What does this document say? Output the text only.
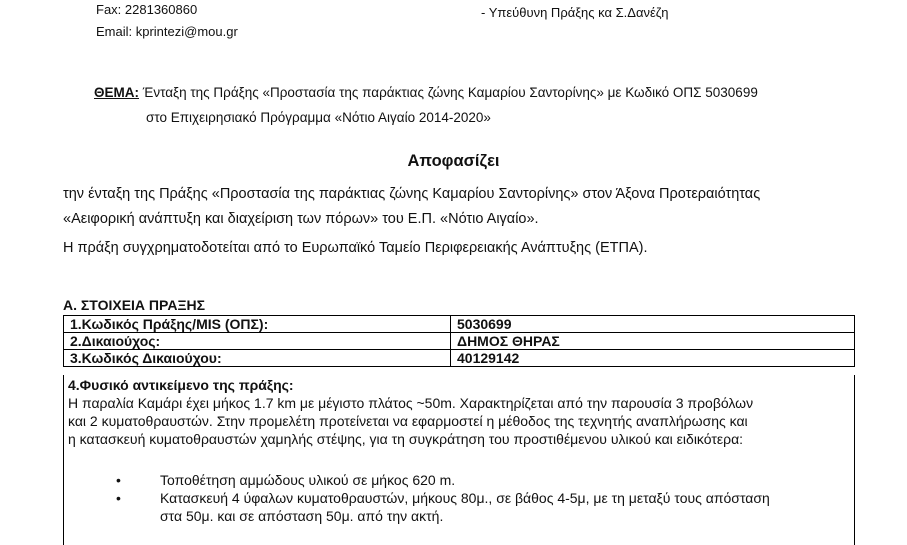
Fax: 2281360860
Email: kprintezi@mou.gr
- Υπεύθυνη Πράξης κα Σ.Δανέζη
ΘΕΜΑ: Ένταξη της Πράξης «Προστασία της παράκτιας ζώνης Καμαρίου Σαντορίνης» με Κωδικό ΟΠΣ 5030699
στο Επιχειρησιακό Πρόγραμμα «Νότιο Αιγαίο 2014-2020»
Αποφασίζει
την ένταξη της Πράξης «Προστασία της παράκτιας ζώνης Καμαρίου Σαντορίνης» στον Άξονα Προτεραιότητας
«Αειφορική ανάπτυξη και διαχείριση των πόρων» του Ε.Π. «Νότιο Αιγαίο».
Η πράξη συγχρηματοδοτείται από το Ευρωπαϊκό Ταμείο Περιφερειακής Ανάπτυξης (ΕΤΠΑ).
Α. ΣΤΟΙΧΕΙΑ ΠΡΑΞΗΣ
1.Κωδικός Πράξης/MIS (ΟΠΣ):	5030699
2.Δικαιούχος:	ΔΗΜΟΣ ΘΗΡΑΣ
3.Κωδικός Δικαιούχου:	40129142
4.Φυσικό αντικείμενο της πράξης:
Η παραλία Καμάρι έχει μήκος 1.7 km με μέγιστο πλάτος ~50m. Χαρακτηρίζεται από την παρουσία 3 προβόλων
και 2 κυματοθραυστών. Στην προμελέτη προτείνεται να εφαρμοστεί η μέθοδος της τεχνητής αναπλήρωσης και
η κατασκευή κυματοθραυστών χαμηλής στέψης, για τη συγκράτηση του προστιθέμενου υλικού και ειδικότερα:
•	Τοποθέτηση αμμώδους υλικού σε μήκος 620 m.
•	Κατασκευή 4 ύφαλων κυματοθραυστών, μήκους 80μ., σε βάθος 4-5μ, με τη μεταξύ τους απόσταση
στα 50μ. και σε απόσταση 50μ. από την ακτή.
